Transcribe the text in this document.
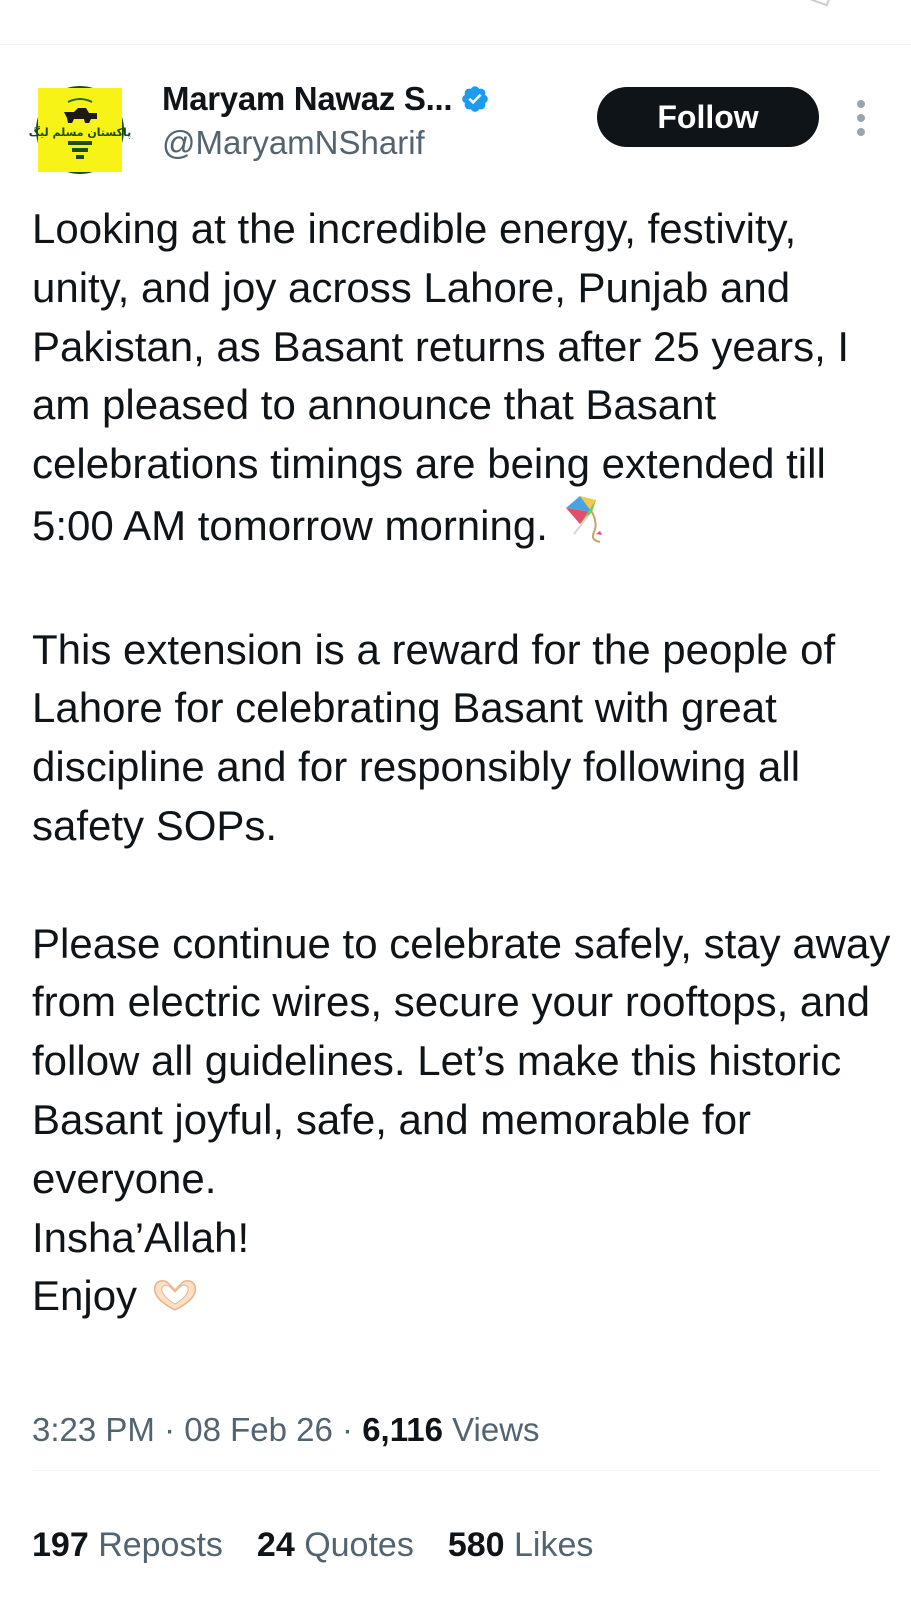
پاکستان مسلم لیگ
Maryam Nawaz S...
@MaryamNSharif
Follow

Looking at the incredible energy, festivity, unity, and joy across Lahore, Punjab and Pakistan, as Basant returns after 25 years, I am pleased to announce that Basant celebrations timings are being extended till 5:00 AM tomorrow morning.

This extension is a reward for the people of Lahore for celebrating Basant with great discipline and for responsibly following all safety SOPs.

Please continue to celebrate safely, stay away from electric wires, secure your rooftops, and follow all guidelines. Let’s make this historic Basant joyful, safe, and memorable for everyone.

Insha’Allah!

Enjoy

3:23 PM · 08 Feb 26 · 6,116 Views
197 Reposts 24 Quotes 580 Likes
